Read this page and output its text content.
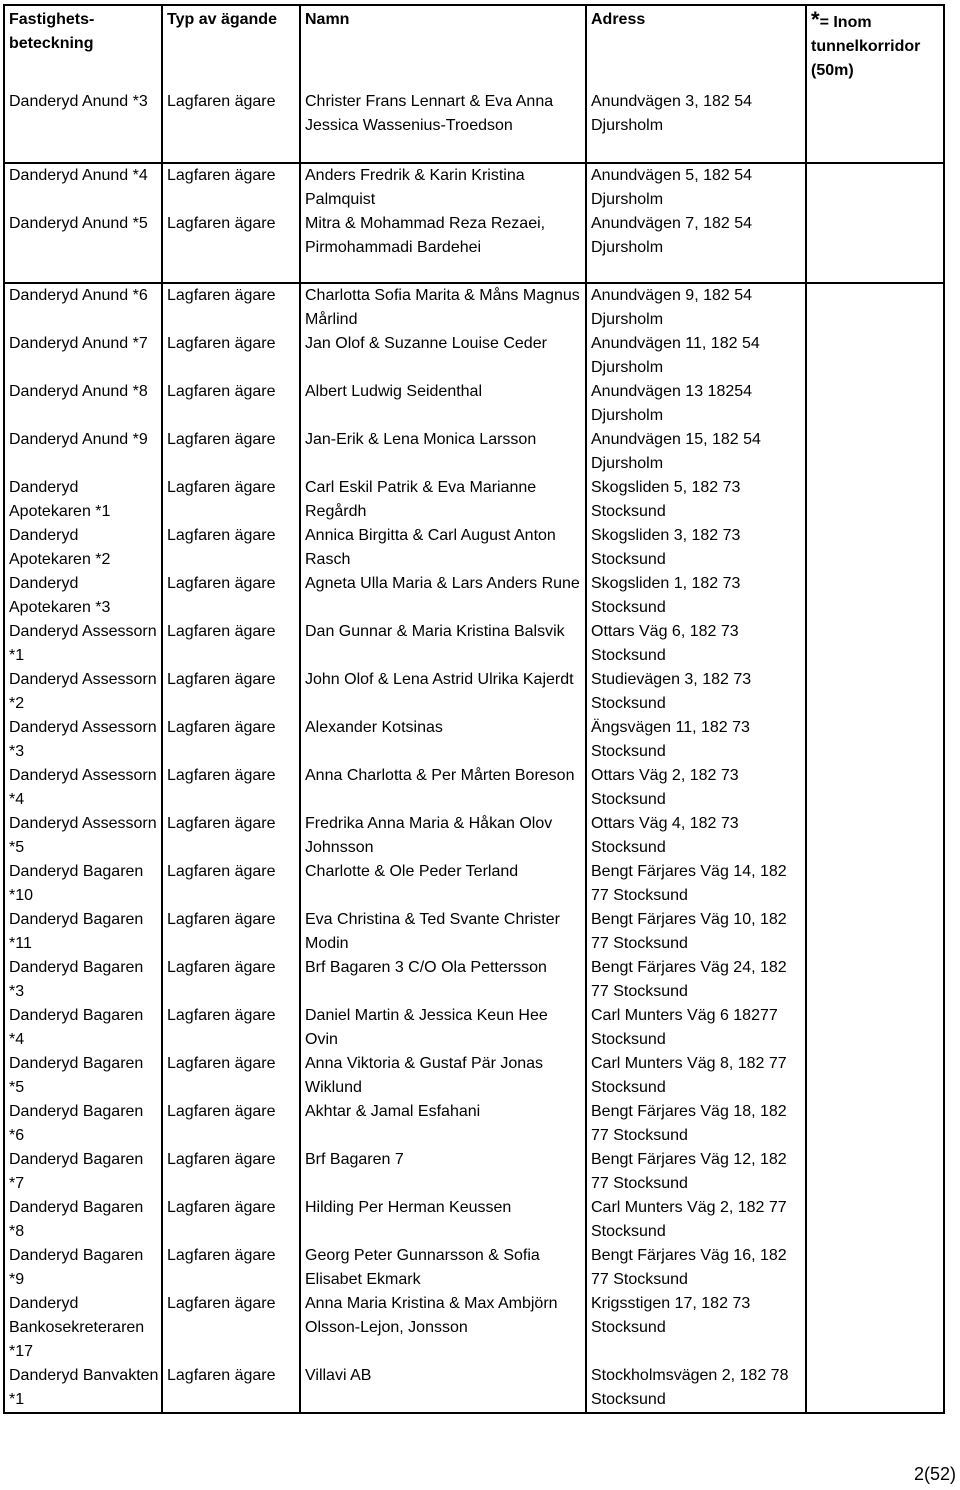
Fastighets-beteckning	Typ av ägande	Namn	Adress	*= Inom tunnelkorridor (50m)
Danderyd Anund *3	Lagfaren ägare	Christer Frans Lennart & Eva Anna Jessica Wassenius-Troedson	Anundvägen 3, 182 54 Djursholm	
Danderyd Anund *4	Lagfaren ägare	Anders Fredrik & Karin Kristina Palmquist	Anundvägen 5, 182 54 Djursholm	
Danderyd Anund *5	Lagfaren ägare	Mitra & Mohammad Reza Rezaei, Pirmohammadi Bardehei	Anundvägen 7, 182 54 Djursholm	
Danderyd Anund *6	Lagfaren ägare	Charlotta Sofia Marita & Måns Magnus Mårlind	Anundvägen 9, 182 54 Djursholm	
Danderyd Anund *7	Lagfaren ägare	Jan Olof & Suzanne Louise Ceder	Anundvägen 11, 182 54 Djursholm	
Danderyd Anund *8	Lagfaren ägare	Albert Ludwig Seidenthal	Anundvägen 13 18254 Djursholm	
Danderyd Anund *9	Lagfaren ägare	Jan-Erik & Lena Monica Larsson	Anundvägen 15, 182 54 Djursholm	
Danderyd Apotekaren *1	Lagfaren ägare	Carl Eskil Patrik & Eva Marianne Regårdh	Skogsliden 5, 182 73 Stocksund	
Danderyd Apotekaren *2	Lagfaren ägare	Annica Birgitta & Carl August Anton Rasch	Skogsliden 3, 182 73 Stocksund	
Danderyd Apotekaren *3	Lagfaren ägare	Agneta Ulla Maria & Lars Anders Rune	Skogsliden 1, 182 73 Stocksund	
Danderyd Assessorn *1	Lagfaren ägare	Dan Gunnar & Maria Kristina Balsvik	Ottars Väg 6, 182 73 Stocksund	
Danderyd Assessorn *2	Lagfaren ägare	John Olof & Lena Astrid Ulrika Kajerdt	Studievägen 3, 182 73 Stocksund	
Danderyd Assessorn *3	Lagfaren ägare	Alexander Kotsinas	Ängsvägen 11, 182 73 Stocksund	
Danderyd Assessorn *4	Lagfaren ägare	Anna Charlotta & Per Mårten Boreson	Ottars Väg 2, 182 73 Stocksund	
Danderyd Assessorn *5	Lagfaren ägare	Fredrika Anna Maria & Håkan Olov Johnsson	Ottars Väg 4, 182 73 Stocksund	
Danderyd Bagaren *10	Lagfaren ägare	Charlotte & Ole Peder Terland	Bengt Färjares Väg 14, 182 77 Stocksund	
Danderyd Bagaren *11	Lagfaren ägare	Eva Christina & Ted Svante Christer Modin	Bengt Färjares Väg 10, 182 77 Stocksund	
Danderyd Bagaren *3	Lagfaren ägare	Brf Bagaren 3 C/O Ola Pettersson	Bengt Färjares Väg 24, 182 77 Stocksund	
Danderyd Bagaren *4	Lagfaren ägare	Daniel Martin & Jessica Keun Hee Ovin	Carl Munters Väg 6 18277 Stocksund	
Danderyd Bagaren *5	Lagfaren ägare	Anna Viktoria & Gustaf Pär Jonas Wiklund	Carl Munters Väg 8, 182 77 Stocksund	
Danderyd Bagaren *6	Lagfaren ägare	Akhtar & Jamal Esfahani	Bengt Färjares Väg 18, 182 77 Stocksund	
Danderyd Bagaren *7	Lagfaren ägare	Brf Bagaren 7	Bengt Färjares Väg 12, 182 77 Stocksund	
Danderyd Bagaren *8	Lagfaren ägare	Hilding Per Herman Keussen	Carl Munters Väg 2, 182 77 Stocksund	
Danderyd Bagaren *9	Lagfaren ägare	Georg Peter Gunnarsson & Sofia Elisabet Ekmark	Bengt Färjares Väg 16, 182 77 Stocksund	
Danderyd Bankosekreteraren *17	Lagfaren ägare	Anna Maria Kristina & Max Ambjörn Olsson-Lejon, Jonsson	Krigsstigen 17, 182 73 Stocksund	
Danderyd Banvakten *1	Lagfaren ägare	Villavi AB	Stockholmsvägen 2, 182 78 Stocksund	
2(52)
